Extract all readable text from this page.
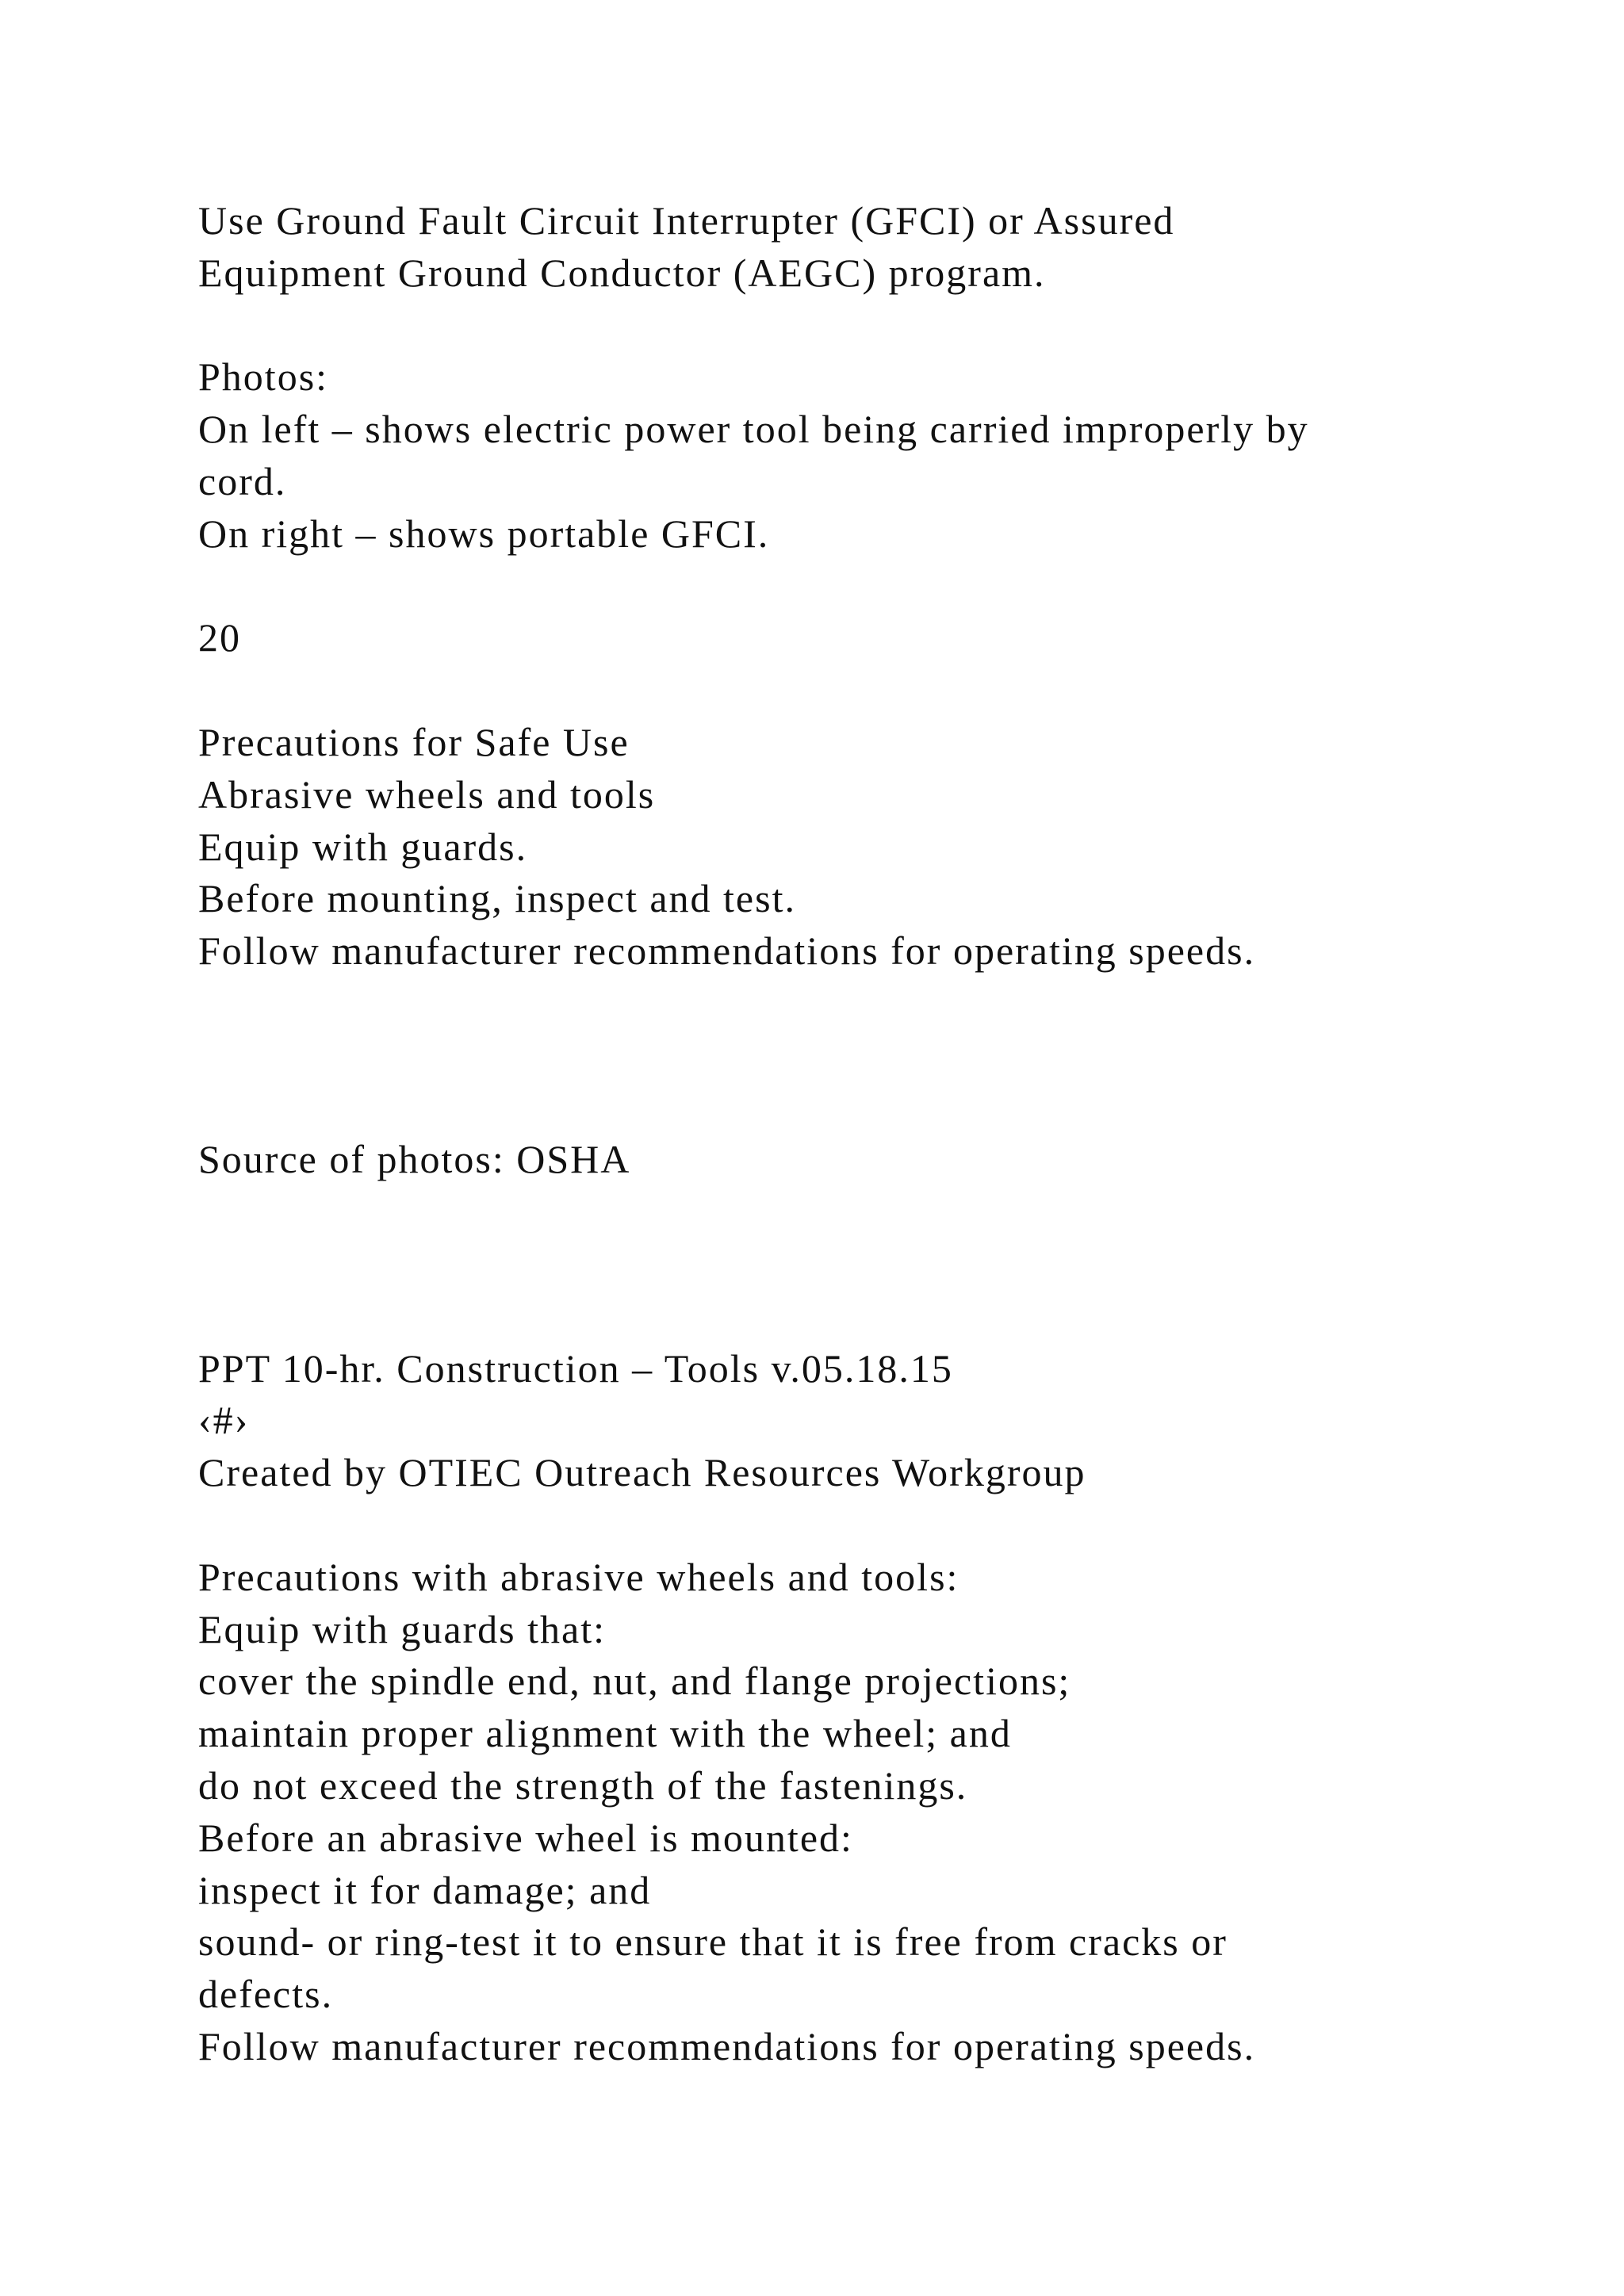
Use Ground Fault Circuit Interrupter (GFCI) or Assured
Equipment Ground Conductor (AEGC) program.
Photos:
On left – shows electric power tool being carried improperly by
cord.
On right – shows portable GFCI.
20
Precautions for Safe Use
Abrasive wheels and tools
Equip with guards.
Before mounting, inspect and test.
Follow manufacturer recommendations for operating speeds.
Source of photos: OSHA
PPT 10-hr. Construction – Tools v.05.18.15
‹#›
Created by OTIEC Outreach Resources Workgroup
Precautions with abrasive wheels and tools:
Equip with guards that:
cover the spindle end, nut, and flange projections;
maintain proper alignment with the wheel; and
do not exceed the strength of the fastenings.
Before an abrasive wheel is mounted:
inspect it for damage; and
sound- or ring-test it to ensure that it is free from cracks or
defects.
Follow manufacturer recommendations for operating speeds.
